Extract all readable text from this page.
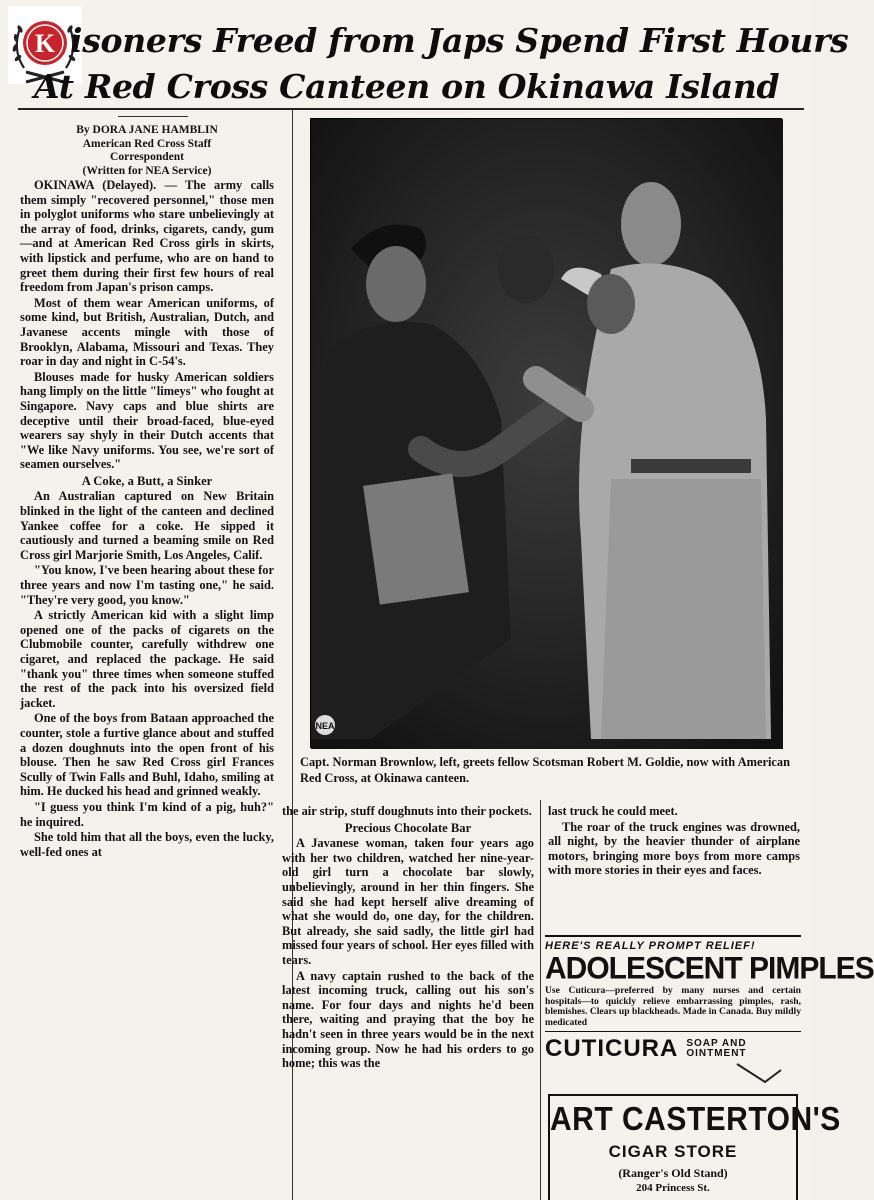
K isoners Freed from Japs Spend First Hours
At Red Cross Canteen on Okinawa Island
By DORA JANE HAMBLIN
American Red Cross Staff
Correspondent
(Written for NEA Service)

OKINAWA (Delayed). — The army calls them simply "recovered personnel," those men in polyglot uniforms who stare unbelievingly at the array of food, drinks, cigarets, candy, gum —and at American Red Cross girls in skirts, with lipstick and perfume, who are on hand to greet them during their first few hours of real freedom from Japan's prison camps.

Most of them wear American uniforms, of some kind, but British, Australian, Dutch, and Javanese accents mingle with those of Brooklyn, Alabama, Missouri and Texas. They roar in day and night in C-54's.

Blouses made for husky American soldiers hang limply on the little "limeys" who fought at Singapore. Navy caps and blue shirts are deceptive until their broad-faced, blue-eyed wearers say shyly in their Dutch accents that "We like Navy uniforms. You see, we're sort of seamen ourselves."

A Coke, a Butt, a Sinker

An Australian captured on New Britain blinked in the light of the canteen and declined Yankee coffee for a coke. He sipped it cautiously and turned a beaming smile on Red Cross girl Marjorie Smith, Los Angeles, Calif.

"You know, I've been hearing about these for three years and now I'm tasting one," he said. "They're very good, you know."

A strictly American kid with a slight limp opened one of the packs of cigarets on the Clubmobile counter, carefully withdrew one cigaret, and replaced the package. He said "thank you" three times when someone stuffed the rest of the pack into his oversized field jacket.

One of the boys from Bataan approached the counter, stole a furtive glance about and stuffed a dozen doughnuts into the open front of his blouse. Then he saw Red Cross girl Frances Scully of Twin Falls and Buhl, Idaho, smiling at him. He ducked his head and grinned weakly.

"I guess you think I'm kind of a pig, huh?" he inquired.

She told him that all the boys, even the lucky, well-fed ones at

NEA
Capt. Norman Brownlow, left, greets fellow Scotsman Robert M. Goldie, now with American Red Cross, at Okinawa canteen.

the air strip, stuff doughnuts into their pockets.

Precious Chocolate Bar

A Javanese woman, taken four years ago with her two children, watched her nine-year-old girl turn a chocolate bar slowly, unbelievingly, around in her thin fingers. She said she had kept herself alive dreaming of what she would do, one day, for the children. But already, she said sadly, the little girl had missed four years of school. Her eyes filled with tears.

A navy captain rushed to the back of the latest incoming truck, calling out his son's name. For four days and nights he'd been there, waiting and praying that the boy he hadn't seen in three years would be in the next incoming group. Now he had his orders to go home; this was the

last truck he could meet.

The roar of the truck engines was drowned, all night, by the heavier thunder of airplane motors, bringing more boys from more camps with more stories in their eyes and faces.

HERE'S REALLY PROMPT RELIEF!
ADOLESCENT PIMPLES
Use Cuticura—preferred by many nurses and certain hospitals—to quickly relieve embarrassing pimples, rash, blemishes. Clears up blackheads. Made in Canada. Buy mildly medicated
CUTICURA SOAP AND
OINTMENT
ART CASTERTON'S
CIGAR STORE
(Ranger's Old Stand)
204 Princess St.
